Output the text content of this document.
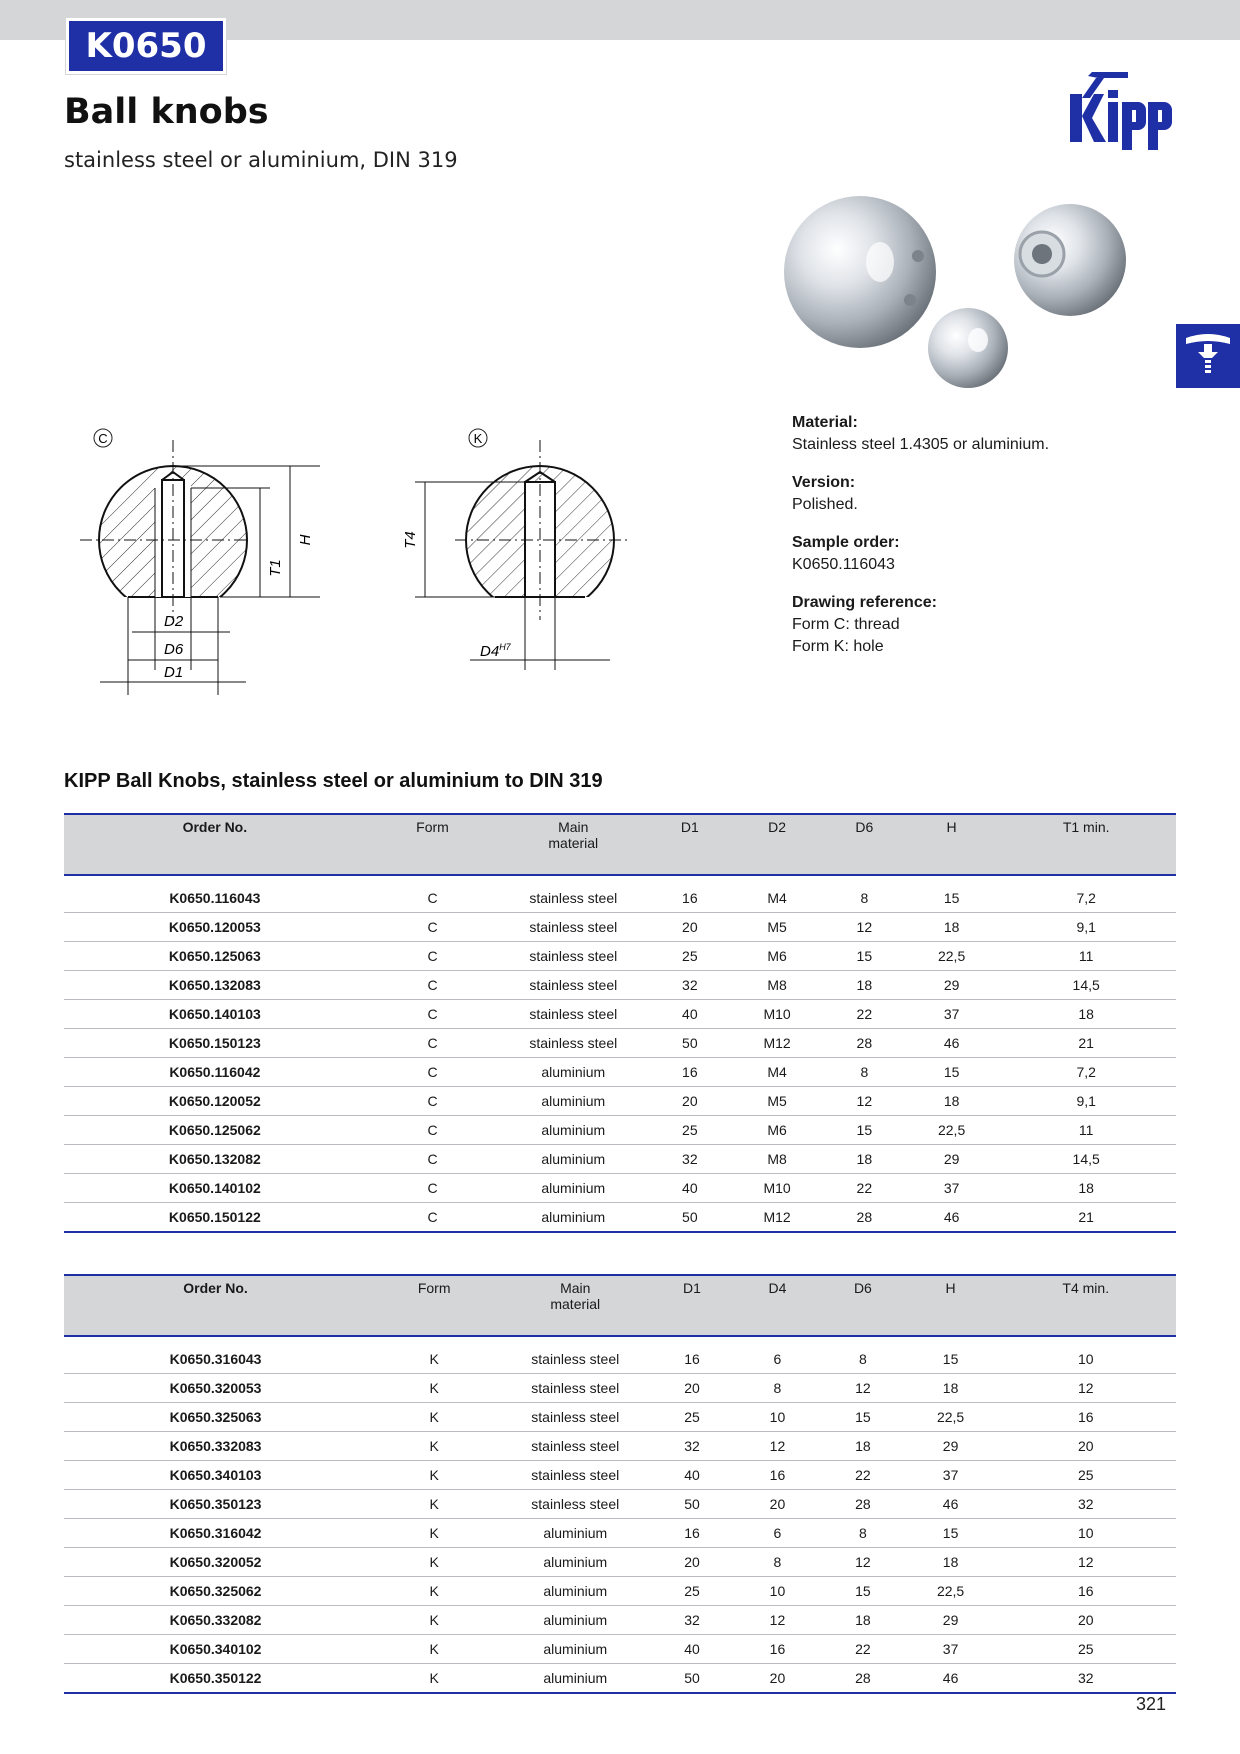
K0650
Ball knobs
stainless steel or aluminium, DIN 319
C
H
T1
D2
D6
D1
K
T4
$D4^{H7}$
Material:
Stainless steel 1.4305 or aluminium.
Version:
Polished.
Sample order:
K0650.116043
Drawing reference:
Form C: thread
Form K: hole
KIPP Ball Knobs, stainless steel or aluminium to DIN 319
Order No.	Form	Main
material	D1	D2	D6	H	T1 min.
K0650.116043	C	stainless steel	16	M4	8	15	7,2
K0650.120053	C	stainless steel	20	M5	12	18	9,1
K0650.125063	C	stainless steel	25	M6	15	22,5	11
K0650.132083	C	stainless steel	32	M8	18	29	14,5
K0650.140103	C	stainless steel	40	M10	22	37	18
K0650.150123	C	stainless steel	50	M12	28	46	21
K0650.116042	C	aluminium	16	M4	8	15	7,2
K0650.120052	C	aluminium	20	M5	12	18	9,1
K0650.125062	C	aluminium	25	M6	15	22,5	11
K0650.132082	C	aluminium	32	M8	18	29	14,5
K0650.140102	C	aluminium	40	M10	22	37	18
K0650.150122	C	aluminium	50	M12	28	46	21
Order No.	Form	Main
material	D1	D4	D6	H	T4 min.
K0650.316043	K	stainless steel	16	6	8	15	10
K0650.320053	K	stainless steel	20	8	12	18	12
K0650.325063	K	stainless steel	25	10	15	22,5	16
K0650.332083	K	stainless steel	32	12	18	29	20
K0650.340103	K	stainless steel	40	16	22	37	25
K0650.350123	K	stainless steel	50	20	28	46	32
K0650.316042	K	aluminium	16	6	8	15	10
K0650.320052	K	aluminium	20	8	12	18	12
K0650.325062	K	aluminium	25	10	15	22,5	16
K0650.332082	K	aluminium	32	12	18	29	20
K0650.340102	K	aluminium	40	16	22	37	25
K0650.350122	K	aluminium	50	20	28	46	32
321
